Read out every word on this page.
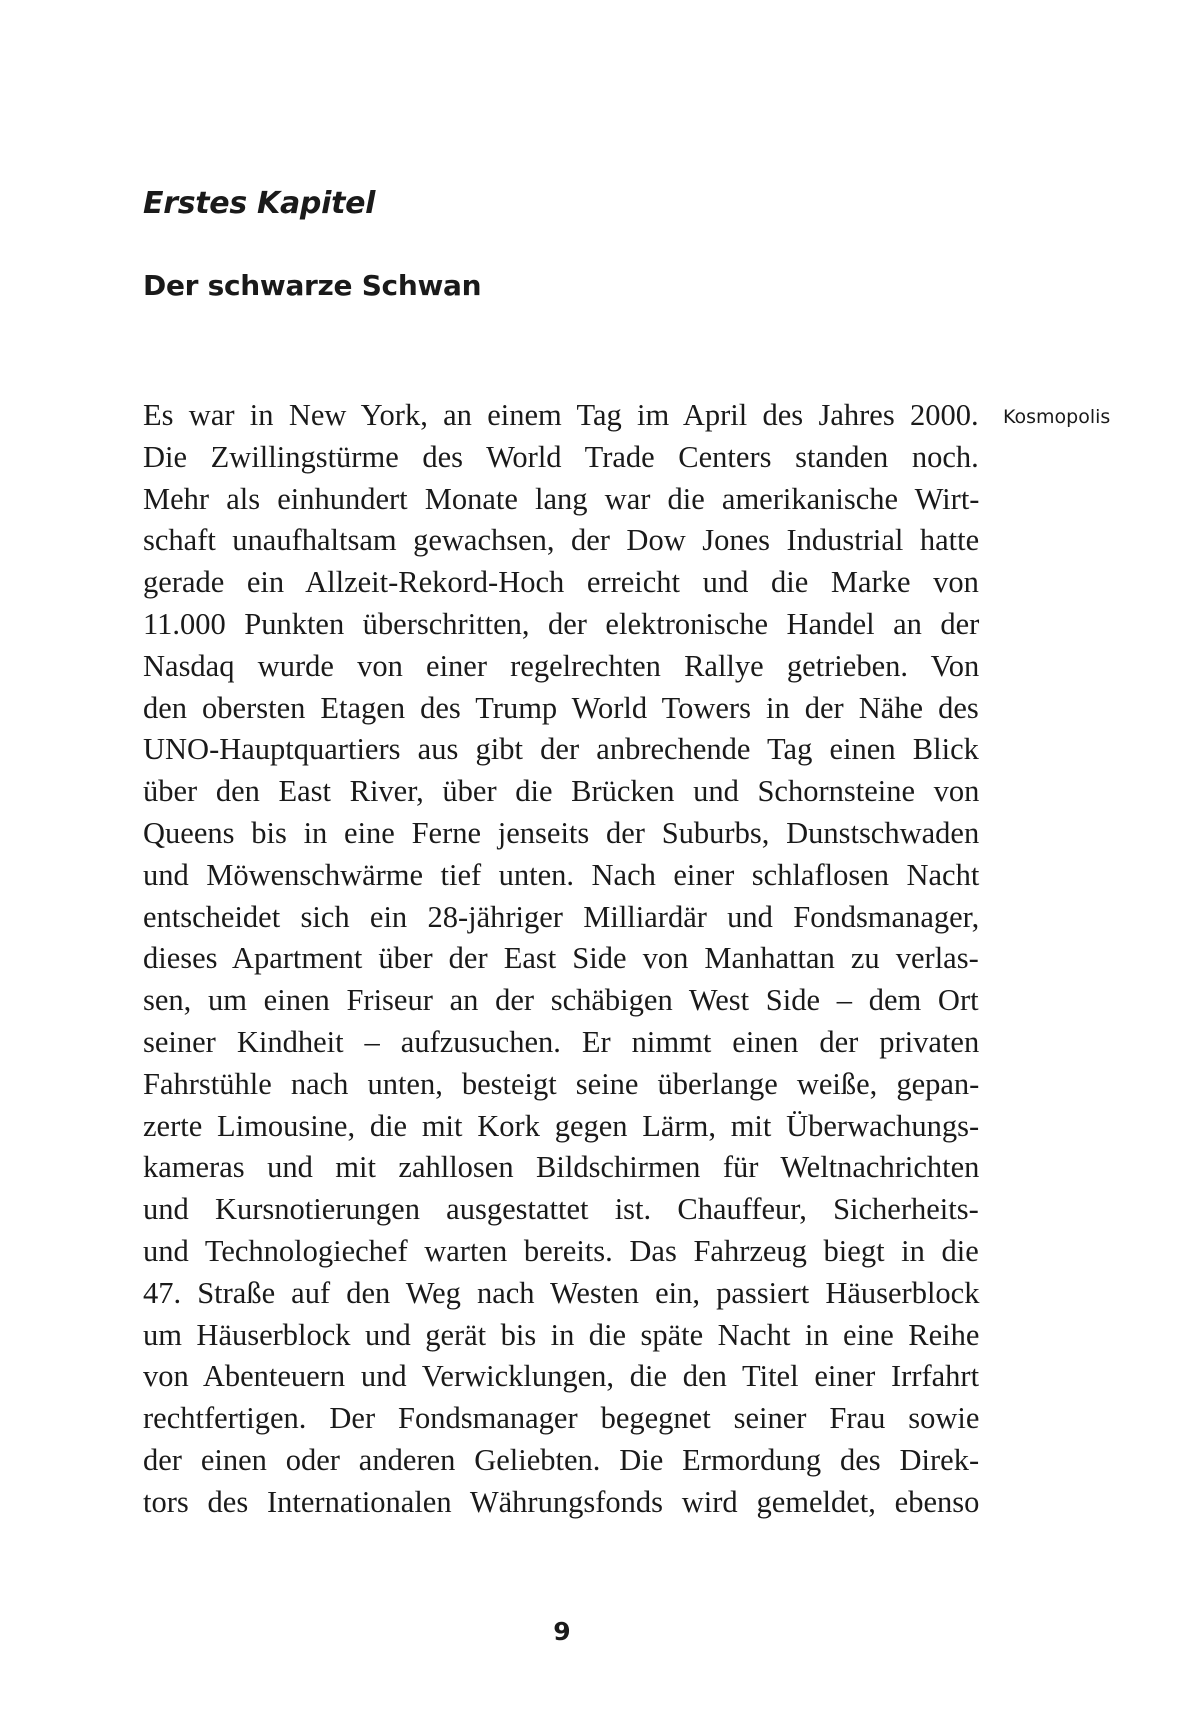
Erstes Kapitel
Der schwarze Schwan
Kosmopolis
Es war in New York, an einem Tag im April des Jahres 2000.
Die Zwillingstürme des World Trade Centers standen noch.
Mehr als einhundert Monate lang war die amerikanische Wirt-
schaft unaufhaltsam gewachsen, der Dow Jones Industrial hatte
gerade ein Allzeit-Rekord-Hoch erreicht und die Marke von
11.000 Punkten überschritten, der elektronische Handel an der
Nasdaq wurde von einer regelrechten Rallye getrieben. Von
den obersten Etagen des Trump World Towers in der Nähe des
UNO-Hauptquartiers aus gibt der anbrechende Tag einen Blick
über den East River, über die Brücken und Schornsteine von
Queens bis in eine Ferne jenseits der Suburbs, Dunstschwaden
und Möwenschwärme tief unten. Nach einer schlaflosen Nacht
entscheidet sich ein 28-jähriger Milliardär und Fondsmanager,
dieses Apartment über der East Side von Manhattan zu verlas-
sen, um einen Friseur an der schäbigen West Side – dem Ort
seiner Kindheit – aufzusuchen. Er nimmt einen der privaten
Fahrstühle nach unten, besteigt seine überlange weiße, gepan-
zerte Limousine, die mit Kork gegen Lärm, mit Überwachungs-
kameras und mit zahllosen Bildschirmen für Weltnachrichten
und Kursnotierungen ausgestattet ist. Chauffeur, Sicherheits-
und Technologiechef warten bereits. Das Fahrzeug biegt in die
47. Straße auf den Weg nach Westen ein, passiert Häuserblock
um Häuserblock und gerät bis in die späte Nacht in eine Reihe
von Abenteuern und Verwicklungen, die den Titel einer Irrfahrt
rechtfertigen. Der Fondsmanager begegnet seiner Frau sowie
der einen oder anderen Geliebten. Die Ermordung des Direk-
tors des Internationalen Währungsfonds wird gemeldet, ebenso
9
